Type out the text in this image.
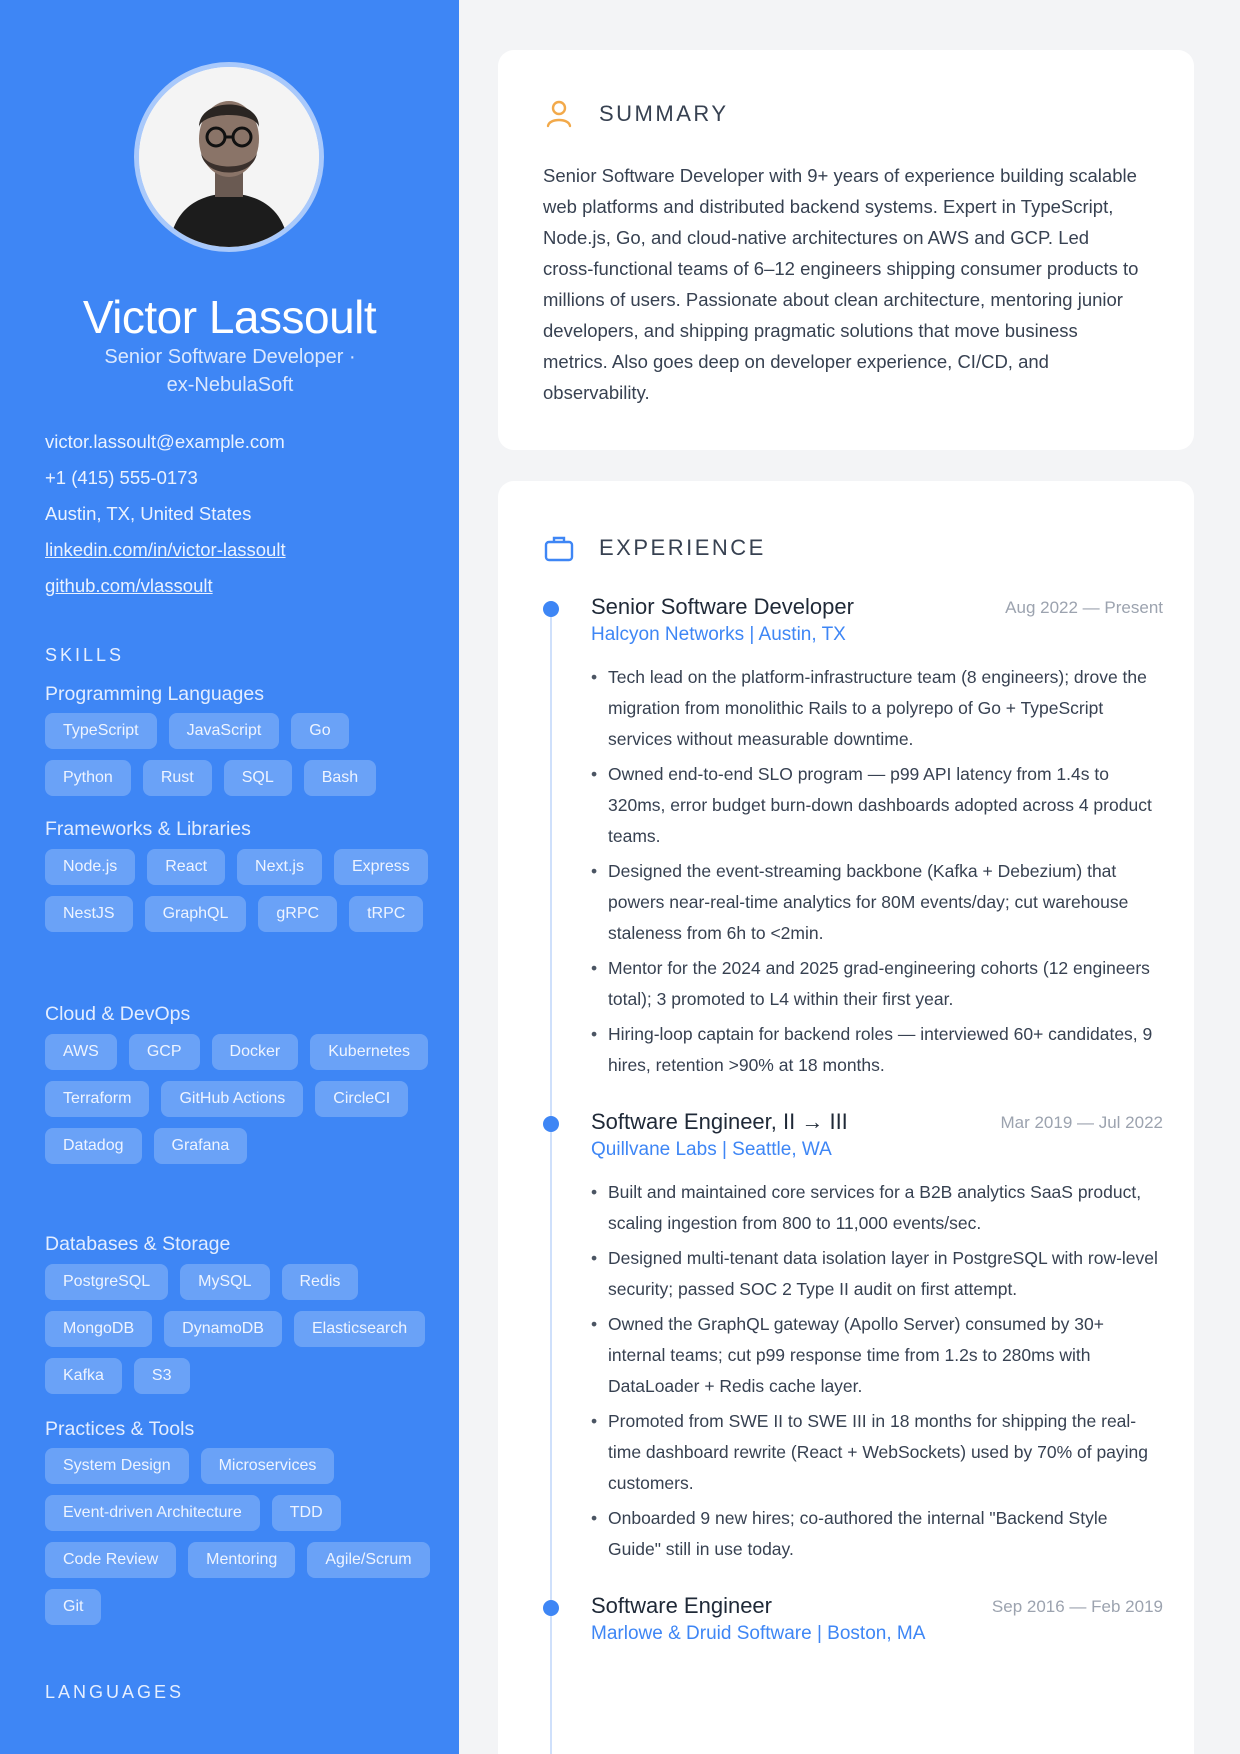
Victor Lassoult
Senior Software Developer ·
ex-NebulaSoft
victor.lassoult@example.com
+1 (415) 555-0173
Austin, TX, United States
linkedin.com/in/victor-lassoult
github.com/vlassoult
SKILLS
Programming Languages
TypeScript	JavaScript	Go
Python	Rust	SQL	Bash
Frameworks & Libraries
Node.js	React	Next.js	Express
NestJS	GraphQL	gRPC	tRPC
Cloud & DevOps
AWS	GCP	Docker	Kubernetes
Terraform	GitHub Actions	CircleCI
Datadog	Grafana
Databases & Storage
PostgreSQL	MySQL	Redis
MongoDB	DynamoDB	Elasticsearch
Kafka	S3
Practices & Tools
System Design	Microservices
Event-driven Architecture	TDD
Code Review	Mentoring	Agile/Scrum
Git
LANGUAGES
SUMMARY

Senior Software Developer with 9+ years of experience building scalable web platforms and distributed backend systems. Expert in TypeScript, Node.js, Go, and cloud-native architectures on AWS and GCP. Led cross-functional teams of 6–12 engineers shipping consumer products to millions of users. Passionate about clean architecture, mentoring junior developers, and shipping pragmatic solutions that move business metrics. Also goes deep on developer experience, CI/CD, and observability.

EXPERIENCE
Senior Software Developer	Aug 2022 — Present
Halcyon Networks | Austin, TX
• Tech lead on the platform-infrastructure team (8 engineers); drove the migration from monolithic Rails to a polyrepo of Go + TypeScript services without measurable downtime.
• Owned end-to-end SLO program — p99 API latency from 1.4s to 320ms, error budget burn-down dashboards adopted across 4 product teams.
• Designed the event-streaming backbone (Kafka + Debezium) that powers near-real-time analytics for 80M events/day; cut warehouse staleness from 6h to <2min.
• Mentor for the 2024 and 2025 grad-engineering cohorts (12 engineers total); 3 promoted to L4 within their first year.
• Hiring-loop captain for backend roles — interviewed 60+ candidates, 9 hires, retention >90% at 18 months.
Software Engineer, II → III	Mar 2019 — Jul 2022
Quillvane Labs | Seattle, WA
• Built and maintained core services for a B2B analytics SaaS product, scaling ingestion from 800 to 11,000 events/sec.
• Designed multi-tenant data isolation layer in PostgreSQL with row-level security; passed SOC 2 Type II audit on first attempt.
• Owned the GraphQL gateway (Apollo Server) consumed by 30+ internal teams; cut p99 response time from 1.2s to 280ms with DataLoader + Redis cache layer.
• Promoted from SWE II to SWE III in 18 months for shipping the real-time dashboard rewrite (React + WebSockets) used by 70% of paying customers.
• Onboarded 9 new hires; co-authored the internal "Backend Style Guide" still in use today.
Software Engineer	Sep 2016 — Feb 2019
Marlowe & Druid Software | Boston, MA
